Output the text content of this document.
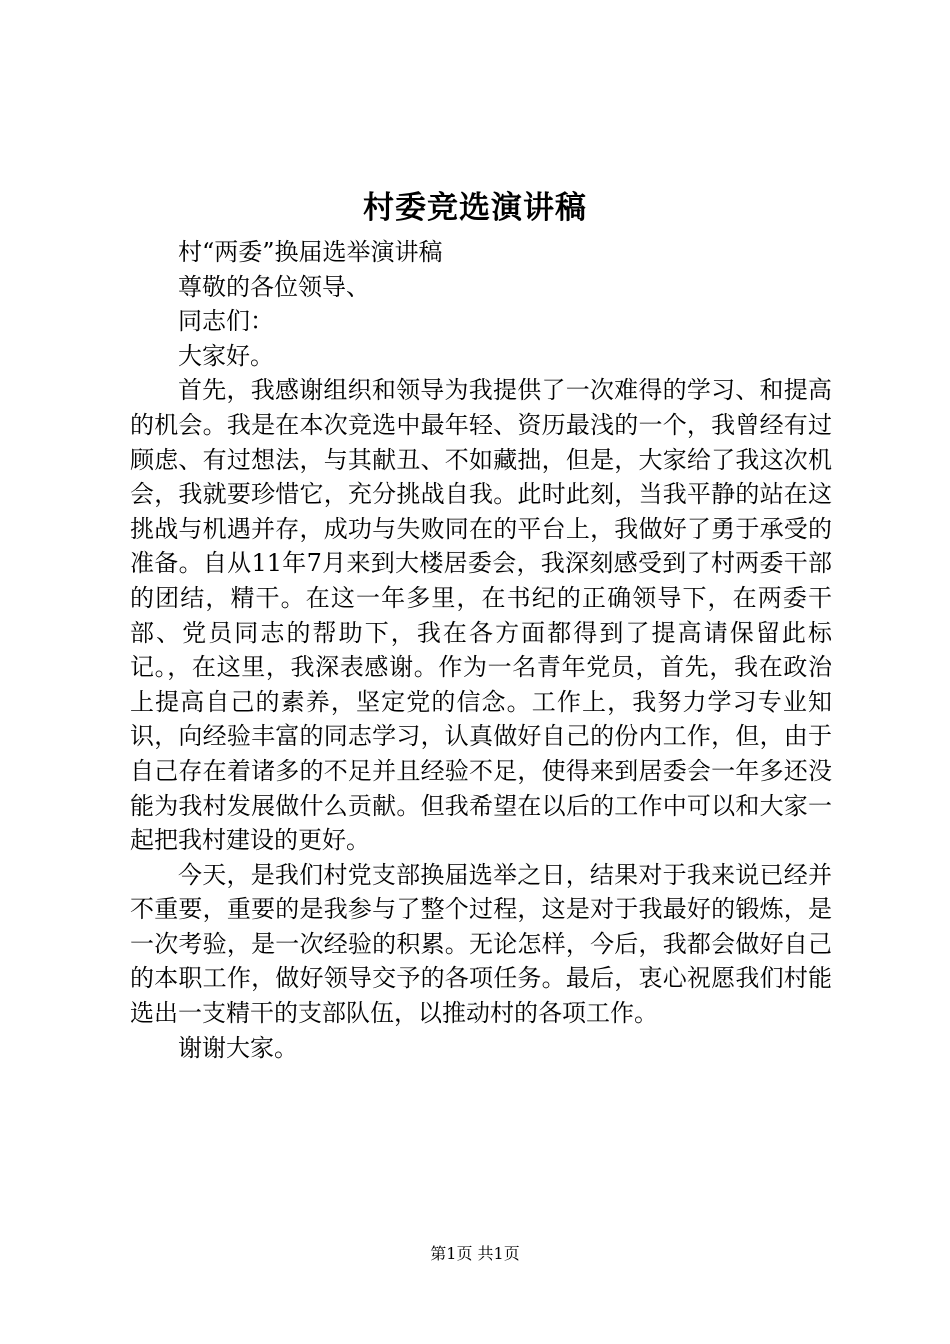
村委竞选演讲稿

村“两委”换届选举演讲稿

尊敬的各位领导、

同志们：

大家好。

首先，我感谢组织和领导为我提供了一次难得的学习、和提高的机会。我是在本次竞选中最年轻、资历最浅的一个，我曾经有过顾虑、有过想法，与其献丑、不如藏拙，但是，大家给了我这次机会，我就要珍惜它，充分挑战自我。此时此刻，当我平静的站在这挑战与机遇并存，成功与失败同在的平台上，我做好了勇于承受的准备。自从11年7月来到大楼居委会，我深刻感受到了村两委干部的团结，精干。在这一年多里，在书纪的正确领导下，在两委干部、党员同志的帮助下，我在各方面都得到了提高请保留此标记。，在这里，我深表感谢。作为一名青年党员，首先，我在政治上提高自己的素养，坚定党的信念。工作上，我努力学习专业知识，向经验丰富的同志学习，认真做好自己的份内工作，但，由于自己存在着诸多的不足并且经验不足，使得来到居委会一年多还没能为我村发展做什么贡献。但我希望在以后的工作中可以和大家一起把我村建设的更好。

今天，是我们村党支部换届选举之日，结果对于我来说已经并不重要，重要的是我参与了整个过程，这是对于我最好的锻炼，是一次考验，是一次经验的积累。无论怎样，今后，我都会做好自己的本职工作，做好领导交予的各项任务。最后，衷心祝愿我们村能选出一支精干的支部队伍，以推动村的各项工作。

谢谢大家。

第1页 共1页
